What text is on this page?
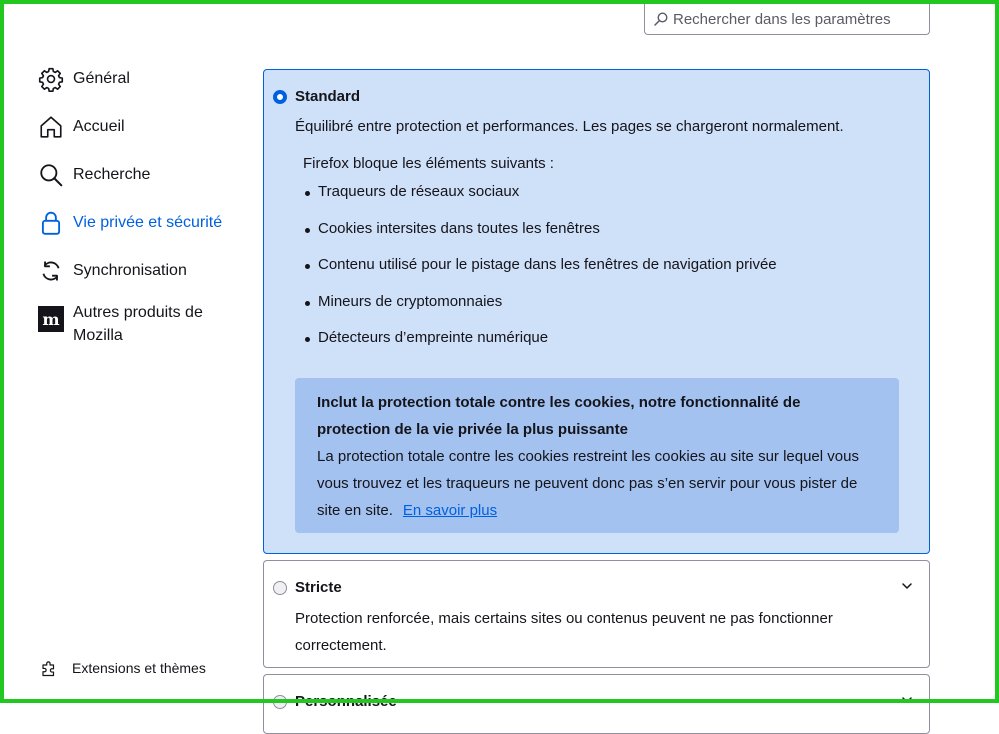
Rechercher dans les paramètres
Général
Accueil
Recherche
Vie privée et sécurité
Synchronisation
m Autres produits de Mozilla
Extensions et thèmes
Standard
Équilibré entre protection et performances. Les pages se chargeront normalement.
Firefox bloque les éléments suivants :
Traqueurs de réseaux sociaux
Cookies intersites dans toutes les fenêtres
Contenu utilisé pour le pistage dans les fenêtres de navigation privée
Mineurs de cryptomonnaies
Détecteurs d’empreinte numérique
Inclut la protection totale contre les cookies, notre fonctionnalité de protection de la vie privée la plus puissante
La protection totale contre les cookies restreint les cookies au site sur lequel vous vous trouvez et les traqueurs ne peuvent donc pas s’en servir pour vous pister de site en site. En savoir plus
Stricte
Protection renforcée, mais certains sites ou contenus peuvent ne pas fonctionner correctement.
Personnalisée
